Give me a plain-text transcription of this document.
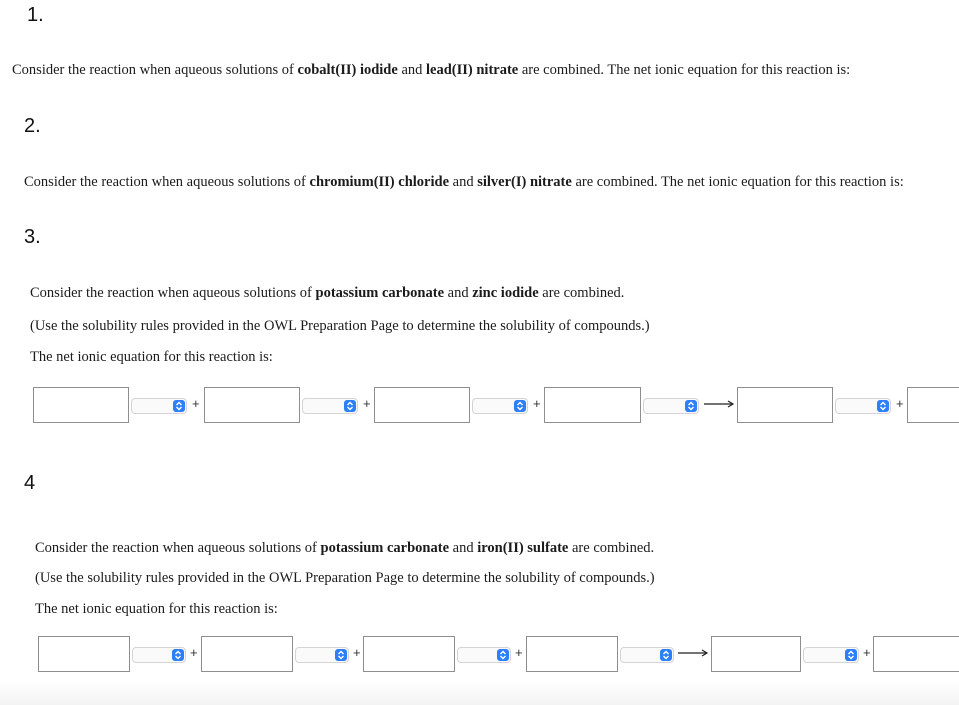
1.
Consider the reaction when aqueous solutions of cobalt(II) iodide and lead(II) nitrate are combined. The net ionic equation for this reaction is:
2.
Consider the reaction when aqueous solutions of chromium(II) chloride and silver(I) nitrate are combined. The net ionic equation for this reaction is:
3.
Consider the reaction when aqueous solutions of potassium carbonate and zinc iodide are combined.
(Use the solubility rules provided in the OWL Preparation Page to determine the solubility of compounds.)
The net ionic equation for this reaction is:
+	+	+	+
4
Consider the reaction when aqueous solutions of potassium carbonate and iron(II) sulfate are combined.
(Use the solubility rules provided in the OWL Preparation Page to determine the solubility of compounds.)
The net ionic equation for this reaction is:
+	+	+	+
